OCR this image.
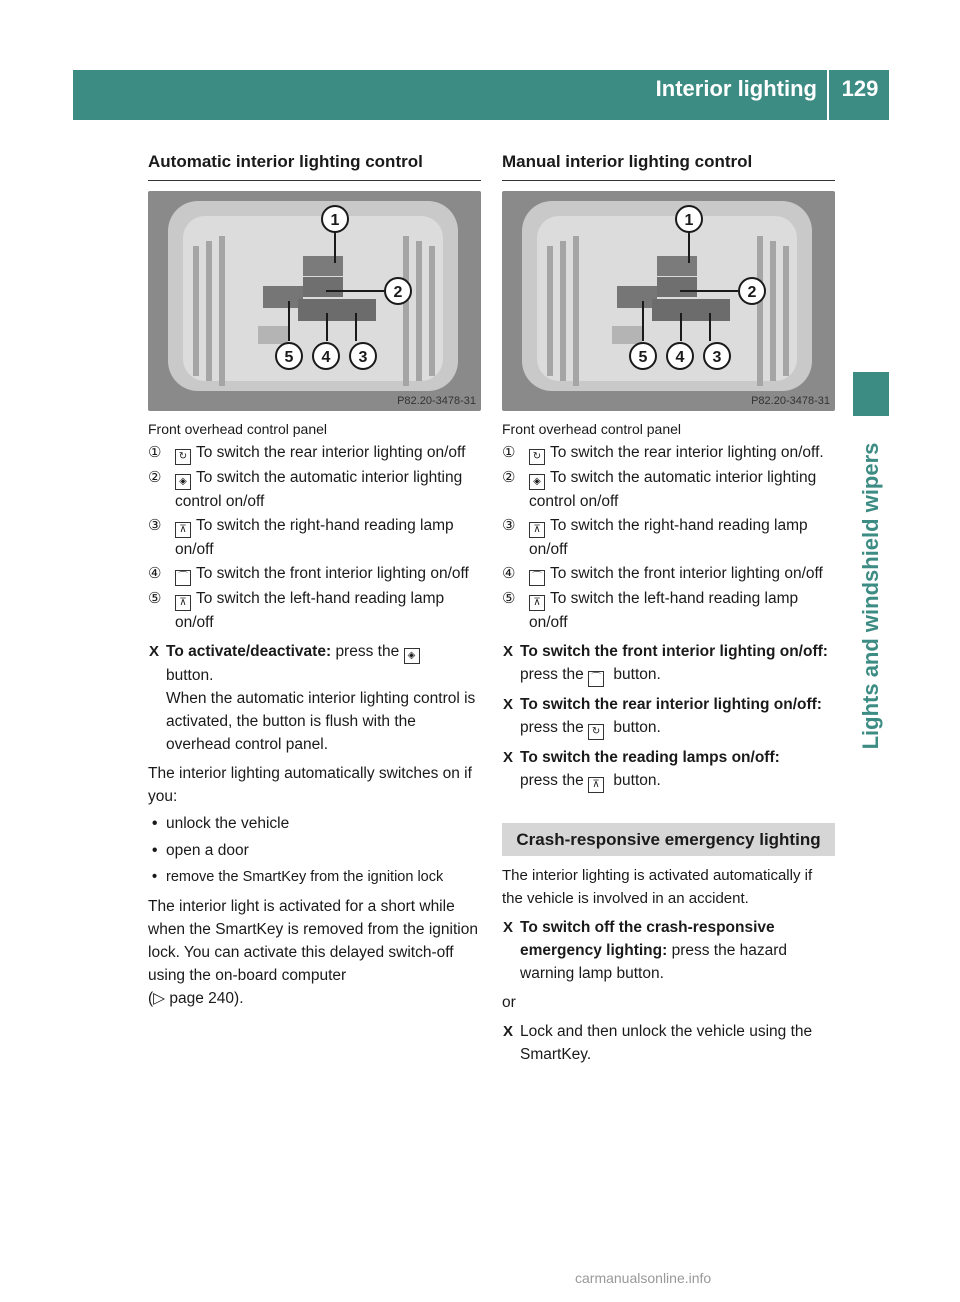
Interior lighting	129
Lights and windshield wipers
Automatic interior lighting control
1
2
3
4
5
P82.20-3478-31
Front overhead control panel
① ↻ To switch the rear interior lighting on/off
② ◈ To switch the automatic interior lighting control on/off
③ ⊼ To switch the right-hand reading lamp on/off
④ ⌒ To switch the front interior lighting on/off
⑤ ⊼ To switch the left-hand reading lamp on/off
X To activate/deactivate: press the ◈
button.
When the automatic interior lighting control is activated, the button is flush with the overhead control panel.
The interior lighting automatically switches on if you:
• unlock the vehicle
• open a door
• remove the SmartKey from the ignition lock
The interior light is activated for a short while when the SmartKey is removed from the ignition lock. You can activate this delayed switch-off using the on-board computer
(▷ page 240).
Manual interior lighting control
1
2
3
4
5
P82.20-3478-31
Front overhead control panel
① ↻ To switch the rear interior lighting on/off.
② ◈ To switch the automatic interior lighting control on/off
③ ⊼ To switch the right-hand reading lamp on/off
④ ⌒ To switch the front interior lighting on/off
⑤ ⊼ To switch the left-hand reading lamp on/off
X To switch the front interior lighting on/off: press the ⌒ button.
X To switch the rear interior lighting on/off: press the ↻ button.
X To switch the reading lamps on/off:
press the ⊼ button.
Crash-responsive emergency lighting
The interior lighting is activated automatically if the vehicle is involved in an accident.
X To switch off the crash-responsive emergency lighting: press the hazard warning lamp button.
or
X Lock and then unlock the vehicle using the SmartKey.
carmanualsonline.info
